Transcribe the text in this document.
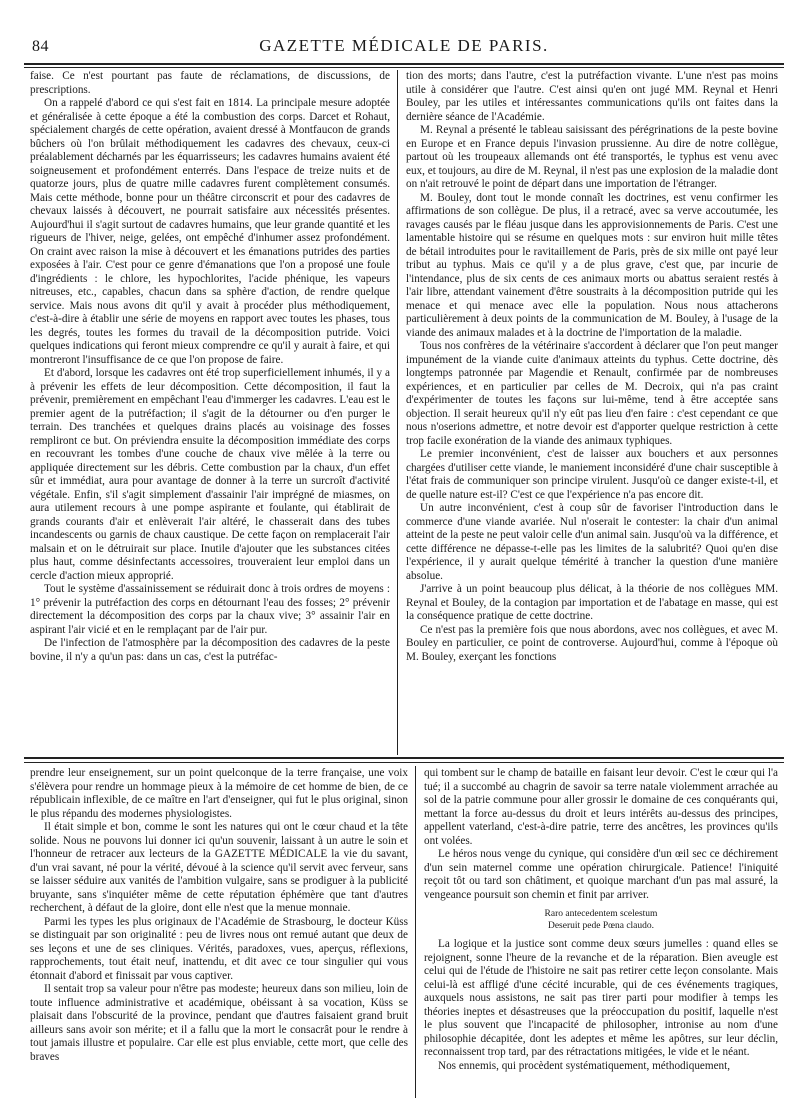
84	GAZETTE MÉDICALE DE PARIS.

faise. Ce n'est pourtant pas faute de réclamations, de discussions, de prescriptions.

On a rappelé d'abord ce qui s'est fait en 1814. La principale mesure adoptée et généralisée à cette époque a été la combustion des corps. Darcet et Rohaut, spécialement chargés de cette opération, avaient dressé à Montfaucon de grands bûchers où l'on brûlait méthodiquement les cadavres des chevaux, ceux-ci préalablement décharnés par les équarrisseurs; les cadavres humains avaient été soigneusement et profondément enterrés. Dans l'espace de treize nuits et de quatorze jours, plus de quatre mille cadavres furent complètement consumés. Mais cette méthode, bonne pour un théâtre circonscrit et pour des cadavres de chevaux laissés à découvert, ne pourrait satisfaire aux nécessités présentes. Aujourd'hui il s'agit surtout de cadavres humains, que leur grande quantité et les rigueurs de l'hiver, neige, gelées, ont empêché d'inhumer assez profondément. On craint avec raison la mise à découvert et les émanations putrides des parties exposées à l'air. C'est pour ce genre d'émanations que l'on a proposé une foule d'ingrédients : le chlore, les hypochlorites, l'acide phénique, les vapeurs nitreuses, etc., capables, chacun dans sa sphère d'action, de rendre quelque service. Mais nous avons dit qu'il y avait à procéder plus méthodiquement, c'est-à-dire à établir une série de moyens en rapport avec toutes les phases, tous les degrés, toutes les formes du travail de la décomposition putride. Voici quelques indications qui feront mieux comprendre ce qu'il y aurait à faire, et qui montreront l'insuffisance de ce que l'on propose de faire.

Et d'abord, lorsque les cadavres ont été trop superficiellement inhumés, il y a à prévenir les effets de leur décomposition. Cette décomposition, il faut la prévenir, premièrement en empêchant l'eau d'immerger les cadavres. L'eau est le premier agent de la putréfaction; il s'agit de la détourner ou d'en purger le terrain. Des tranchées et quelques drains placés au voisinage des fosses rempliront ce but. On préviendra ensuite la décomposition immédiate des corps en recouvrant les tombes d'une couche de chaux vive mêlée à la terre ou appliquée directement sur les débris. Cette combustion par la chaux, d'un effet sûr et immédiat, aura pour avantage de donner à la terre un surcroît d'activité végétale. Enfin, s'il s'agit simplement d'assainir l'air imprégné de miasmes, on aura utilement recours à une pompe aspirante et foulante, qui établirait de grands courants d'air et enlèverait l'air altéré, le chasserait dans des tubes incandescents ou garnis de chaux caustique. De cette façon on remplacerait l'air malsain et on le détruirait sur place. Inutile d'ajouter que les substances citées plus haut, comme désinfectants accessoires, trouveraient leur emploi dans un cercle d'action mieux approprié.

Tout le système d'assainissement se réduirait donc à trois ordres de moyens : 1° prévenir la putréfaction des corps en détournant l'eau des fosses; 2° prévenir directement la décomposition des corps par la chaux vive; 3° assainir l'air en aspirant l'air vicié et en le remplaçant par de l'air pur.

De l'infection de l'atmosphère par la décomposition des cadavres de la peste bovine, il n'y a qu'un pas: dans un cas, c'est la putréfac-

tion des morts; dans l'autre, c'est la putréfaction vivante. L'une n'est pas moins utile à considérer que l'autre. C'est ainsi qu'en ont jugé MM. Reynal et Henri Bouley, par les utiles et intéressantes communications qu'ils ont faites dans la dernière séance de l'Académie.

M. Reynal a présenté le tableau saisissant des pérégrinations de la peste bovine en Europe et en France depuis l'invasion prussienne. Au dire de notre collègue, partout où les troupeaux allemands ont été transportés, le typhus est venu avec eux, et toujours, au dire de M. Reynal, il n'est pas une explosion de la maladie dont on n'ait retrouvé le point de départ dans une importation de l'étranger.

M. Bouley, dont tout le monde connaît les doctrines, est venu confirmer les affirmations de son collègue. De plus, il a retracé, avec sa verve accoutumée, les ravages causés par le fléau jusque dans les approvisionnements de Paris. C'est une lamentable histoire qui se résume en quelques mots : sur environ huit mille têtes de bétail introduites pour le ravitaillement de Paris, près de six mille ont payé leur tribut au typhus. Mais ce qu'il y a de plus grave, c'est que, par incurie de l'intendance, plus de six cents de ces animaux morts ou abattus seraient restés à l'air libre, attendant vainement d'être soustraits à la décomposition putride qui les menace et qui menace avec elle la population. Nous nous attacherons particulièrement à deux points de la communication de M. Bouley, à l'usage de la viande des animaux malades et à la doctrine de l'importation de la maladie.

Tous nos confrères de la vétérinaire s'accordent à déclarer que l'on peut manger impunément de la viande cuite d'animaux atteints du typhus. Cette doctrine, dès longtemps patronnée par Magendie et Renault, confirmée par de nombreuses expériences, et en particulier par celles de M. Decroix, qui n'a pas craint d'expérimenter de toutes les façons sur lui-même, tend à être acceptée sans objection. Il serait heureux qu'il n'y eût pas lieu d'en faire : c'est cependant ce que nous n'oserions admettre, et notre devoir est d'apporter quelque restriction à cette trop facile exonération de la viande des animaux typhiques.

Le premier inconvénient, c'est de laisser aux bouchers et aux personnes chargées d'utiliser cette viande, le maniement inconsidéré d'une chair susceptible à l'état frais de communiquer son principe virulent. Jusqu'où ce danger existe-t-il, et de quelle nature est-il? C'est ce que l'expérience n'a pas encore dit.

Un autre inconvénient, c'est à coup sûr de favoriser l'introduction dans le commerce d'une viande avariée. Nul n'oserait le contester: la chair d'un animal atteint de la peste ne peut valoir celle d'un animal sain. Jusqu'où va la différence, et cette différence ne dépasse-t-elle pas les limites de la salubrité? Quoi qu'en dise l'expérience, il y aurait quelque témérité à trancher la question d'une manière absolue.

J'arrive à un point beaucoup plus délicat, à la théorie de nos collègues MM. Reynal et Bouley, de la contagion par importation et de l'abatage en masse, qui est la conséquence pratique de cette doctrine.

Ce n'est pas la première fois que nous abordons, avec nos collègues, et avec M. Bouley en particulier, ce point de controverse. Aujourd'hui, comme à l'époque où M. Bouley, exerçant les fonctions

prendre leur enseignement, sur un point quelconque de la terre française, une voix s'élèvera pour rendre un hommage pieux à la mémoire de cet homme de bien, de ce républicain inflexible, de ce maître en l'art d'enseigner, qui fut le plus original, sinon le plus répandu des modernes physiologistes.

Il était simple et bon, comme le sont les natures qui ont le cœur chaud et la tête solide. Nous ne pouvons lui donner ici qu'un souvenir, laissant à un autre le soin et l'honneur de retracer aux lecteurs de la GAZETTE MÉDICALE la vie du savant, d'un vrai savant, né pour la vérité, dévoué à la science qu'il servit avec ferveur, sans se laisser séduire aux vanités de l'ambition vulgaire, sans se prodiguer à la publicité bruyante, sans s'inquiéter même de cette réputation éphémère que tant d'autres recherchent, à défaut de la gloire, dont elle n'est que la menue monnaie.

Parmi les types les plus originaux de l'Académie de Strasbourg, le docteur Küss se distinguait par son originalité : peu de livres nous ont remué autant que deux de ses leçons et une de ses cliniques. Vérités, paradoxes, vues, aperçus, réflexions, rapprochements, tout était neuf, inattendu, et dit avec ce tour singulier qui vous étonnait d'abord et finissait par vous captiver.

Il sentait trop sa valeur pour n'être pas modeste; heureux dans son milieu, loin de toute influence administrative et académique, obéissant à sa vocation, Küss se plaisait dans l'obscurité de la province, pendant que d'autres faisaient grand bruit ailleurs sans avoir son mérite; et il a fallu que la mort le consacrât pour le rendre à tout jamais illustre et populaire. Car elle est plus enviable, cette mort, que celle des braves

qui tombent sur le champ de bataille en faisant leur devoir. C'est le cœur qui l'a tué; il a succombé au chagrin de savoir sa terre natale violemment arrachée au sol de la patrie commune pour aller grossir le domaine de ces conquérants qui, mettant la force au-dessus du droit et leurs intérêts au-dessus des principes, appellent vaterland, c'est-à-dire patrie, terre des ancêtres, les provinces qu'ils ont volées.

Le héros nous venge du cynique, qui considère d'un œil sec ce déchirement d'un sein maternel comme une opération chirurgicale. Patience! l'iniquité reçoit tôt ou tard son châtiment, et quoique marchant d'un pas mal assuré, la vengeance poursuit son chemin et finit par arriver.

Raro antecedentem scelestum
Deseruit pede Pœna claudo.

La logique et la justice sont comme deux sœurs jumelles : quand elles se rejoignent, sonne l'heure de la revanche et de la réparation. Bien aveugle est celui qui de l'étude de l'histoire ne sait pas retirer cette leçon consolante. Mais celui-là est affligé d'une cécité incurable, qui de ces événements tragiques, auxquels nous assistons, ne sait pas tirer parti pour modifier à temps les théories ineptes et désastreuses que la préoccupation du positif, laquelle n'est le plus souvent que l'incapacité de philosopher, intronise au nom d'une philosophie décapitée, dont les adeptes et même les apôtres, sur leur déclin, reconnaissent trop tard, par des rétractations mitigées, le vide et le néant.

Nos ennemis, qui procèdent systématiquement, méthodiquement,
